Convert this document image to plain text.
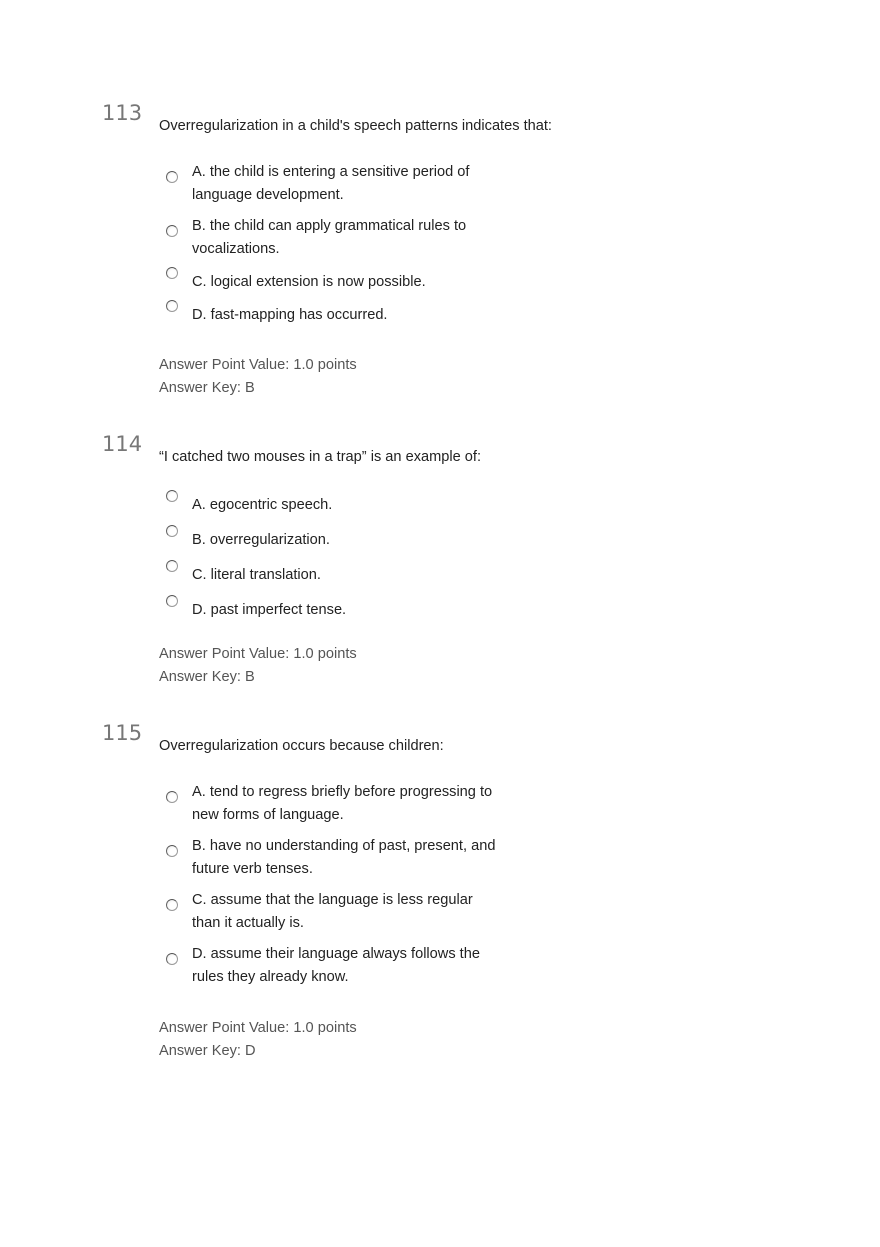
113
Overregularization in a child's speech patterns indicates that:
A. the child is entering a sensitive period of language development.
B. the child can apply grammatical rules to vocalizations.
C. logical extension is now possible.
D. fast-mapping has occurred.
Answer Point Value: 1.0 points
Answer Key: B
114
“I catched two mouses in a trap” is an example of:
A. egocentric speech.
B. overregularization.
C. literal translation.
D. past imperfect tense.
Answer Point Value: 1.0 points
Answer Key: B
115
Overregularization occurs because children:
A. tend to regress briefly before progressing to new forms of language.
B. have no understanding of past, present, and future verb tenses.
C. assume that the language is less regular than it actually is.
D. assume their language always follows the rules they already know.
Answer Point Value: 1.0 points
Answer Key: D
